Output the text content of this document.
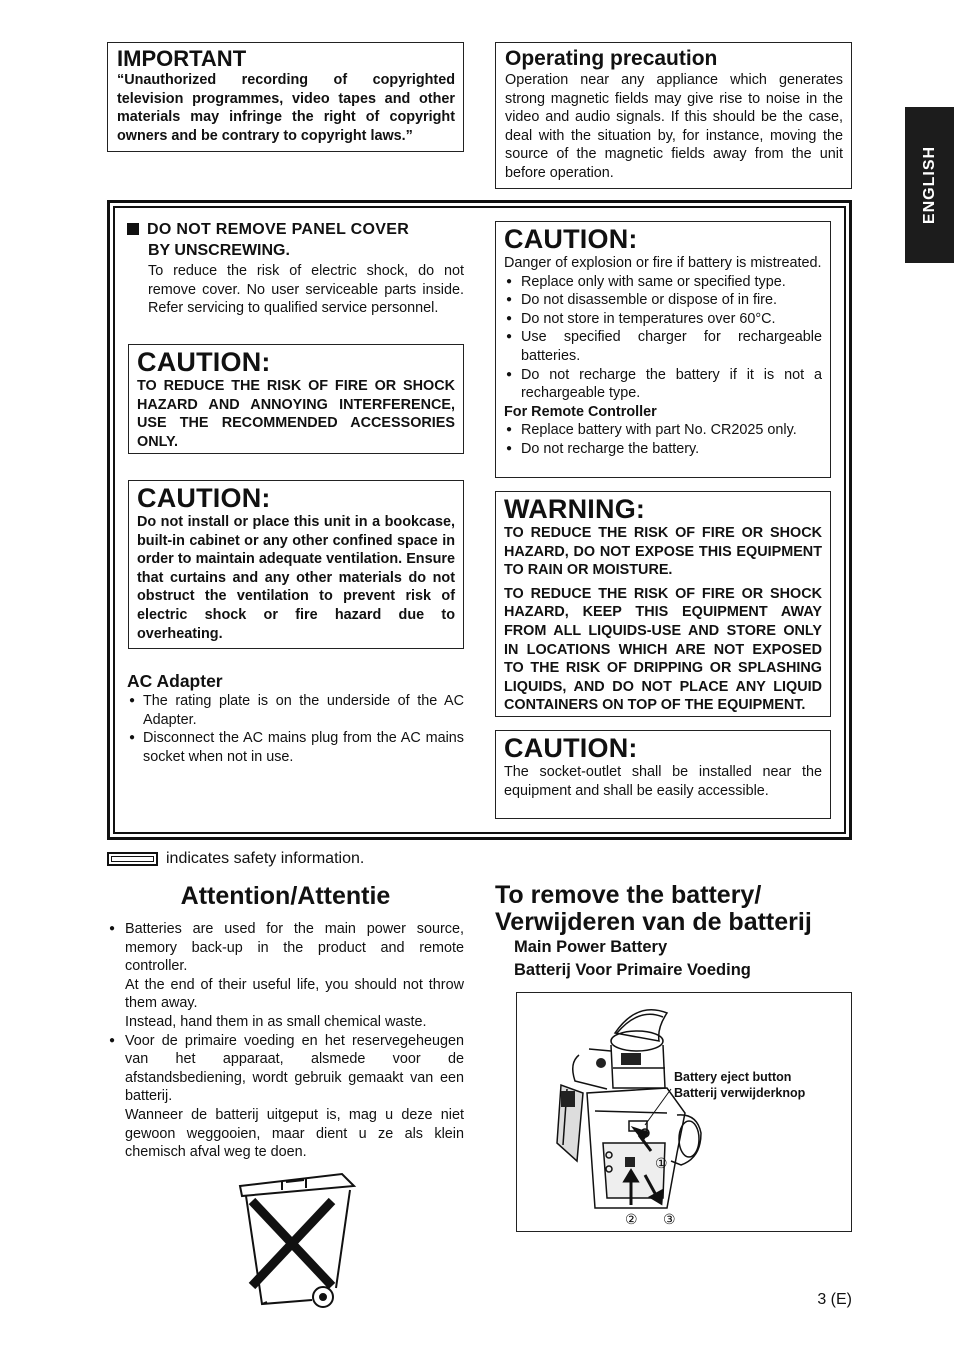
IMPORTANT
“Unauthorized recording of copyrighted television programmes, video tapes and other materials may infringe the right of copyright owners and be contrary to copyright laws.”
Operating precaution
Operation near any appliance which generates strong magnetic fields may give rise to noise in the video and audio signals. If this should be the case, deal with the situation by, for instance, moving the source of the magnetic fields away from the unit before operation.	ENGLISH
DO NOT REMOVE PANEL COVER
BY UNSCREWING.
To reduce the risk of electric shock, do not remove cover. No user serviceable parts inside. Refer servicing to qualified service personnel.
CAUTION:
TO REDUCE THE RISK OF FIRE OR SHOCK HAZARD AND ANNOYING INTERFERENCE, USE THE RECOMMENDED ACCESSORIES ONLY.
CAUTION:
Do not install or place this unit in a bookcase, built-in cabinet or any other confined space in order to maintain adequate ventilation. Ensure that curtains and any other materials do not obstruct the ventilation to prevent risk of electric shock or fire hazard due to overheating.
AC Adapter
● The rating plate is on the underside of the AC Adapter.
● Disconnect the AC mains plug from the AC mains socket when not in use.
CAUTION:
Danger of explosion or fire if battery is mistreated.
● Replace only with same or specified type.
● Do not disassemble or dispose of in fire.
● Do not store in temperatures over 60°C.
● Use specified charger for rechargeable batteries.
● Do not recharge the battery if it is not a rechargeable type.
For Remote Controller
● Replace battery with part No. CR2025 only.
● Do not recharge the battery.
WARNING:
TO REDUCE THE RISK OF FIRE OR SHOCK HAZARD, DO NOT EXPOSE THIS EQUIPMENT TO RAIN OR MOISTURE.
TO REDUCE THE RISK OF FIRE OR SHOCK HAZARD, KEEP THIS EQUIPMENT AWAY FROM ALL LIQUIDS-USE AND STORE ONLY IN LOCATIONS WHICH ARE NOT EXPOSED TO THE RISK OF DRIPPING OR SPLASHING LIQUIDS, AND DO NOT PLACE ANY LIQUID CONTAINERS ON TOP OF THE EQUIPMENT.
CAUTION:
The socket-outlet shall be installed near the equipment and shall be easily accessible.
indicates safety information.
Attention/Attentie
● Batteries are used for the main power source, memory back-up in the product and remote controller.
At the end of their useful life, you should not throw them away.
Instead, hand them in as small chemical waste.
● Voor de primaire voeding en het reservegeheugen van het apparaat, alsmede voor de afstandsbediening, wordt gebruik gemaakt van een batterij.
Wanneer de batterij uitgeput is, mag u deze niet gewoon weggooien, maar dient u ze als klein chemisch afval weg te doen.
To remove the battery/
Verwijderen van de batterij
Main Power Battery
Batterij Voor Primaire Voeding
Battery eject button
Batterij verwijderknop
①
② ③
3 (E)
